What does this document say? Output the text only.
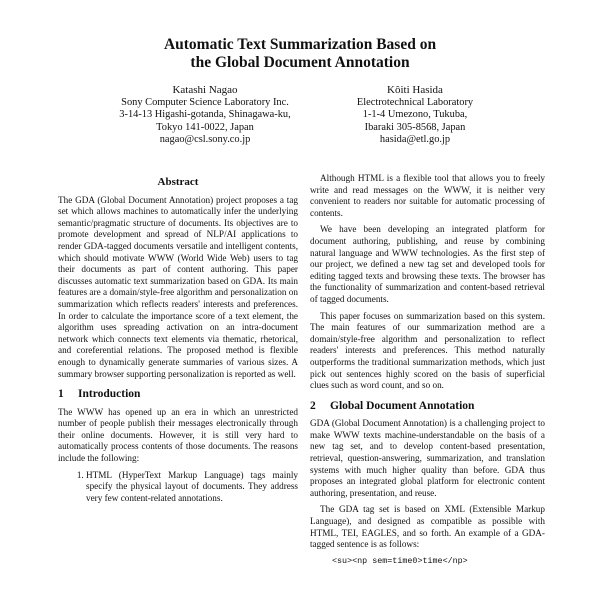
Automatic Text Summarization Based on
the Global Document Annotation
Katashi Nagao
Sony Computer Science Laboratory Inc.
3-14-13 Higashi-gotanda, Shinagawa-ku,
Tokyo 141-0022, Japan
nagao@csl.sony.co.jp
Kôiti Hasida
Electrotechnical Laboratory
1-1-4 Umezono, Tukuba,
Ibaraki 305-8568, Japan
hasida@etl.go.jp
Abstract

The GDA (Global Document Annotation) project proposes a tag set which allows machines to automatically infer the underlying semantic/pragmatic structure of documents. Its objectives are to promote development and spread of NLP/AI applications to render GDA-tagged documents versatile and intelligent contents, which should motivate WWW (World Wide Web) users to tag their documents as part of content authoring. This paper discusses automatic text summarization based on GDA. Its main features are a domain/style-free algorithm and personalization on summarization which reflects readers' interests and preferences. In order to calculate the importance score of a text element, the algorithm uses spreading activation on an intra-document network which connects text elements via thematic, rhetorical, and coreferential relations. The proposed method is flexible enough to dynamically generate summaries of various sizes. A summary browser supporting personalization is reported as well.

1 Introduction

The WWW has opened up an era in which an unrestricted number of people publish their messages electronically through their online documents. However, it is still very hard to automatically process contents of those documents. The reasons include the following:

1. HTML (HyperText Markup Language) tags mainly specify the physical layout of documents. They address very few content-related annotations.

Although HTML is a flexible tool that allows you to freely write and read messages on the WWW, it is neither very convenient to readers nor suitable for automatic processing of contents.

We have been developing an integrated platform for document authoring, publishing, and reuse by combining natural language and WWW technologies. As the first step of our project, we defined a new tag set and developed tools for editing tagged texts and browsing these texts. The browser has the functionality of summarization and content-based retrieval of tagged documents.

This paper focuses on summarization based on this system. The main features of our summarization method are a domain/style-free algorithm and personalization to reflect readers' interests and preferences. This method naturally outperforms the traditional summarization methods, which just pick out sentences highly scored on the basis of superficial clues such as word count, and so on.

2 Global Document Annotation

GDA (Global Document Annotation) is a challenging project to make WWW texts machine-understandable on the basis of a new tag set, and to develop content-based presentation, retrieval, question-answering, summarization, and translation systems with much higher quality than before. GDA thus proposes an integrated global platform for electronic content authoring, presentation, and reuse.

The GDA tag set is based on XML (Extensible Markup Language), and designed as compatible as possible with HTML, TEI, EAGLES, and so forth. An example of a GDA-tagged sentence is as follows:

<su><np sem=time0>time</np>
